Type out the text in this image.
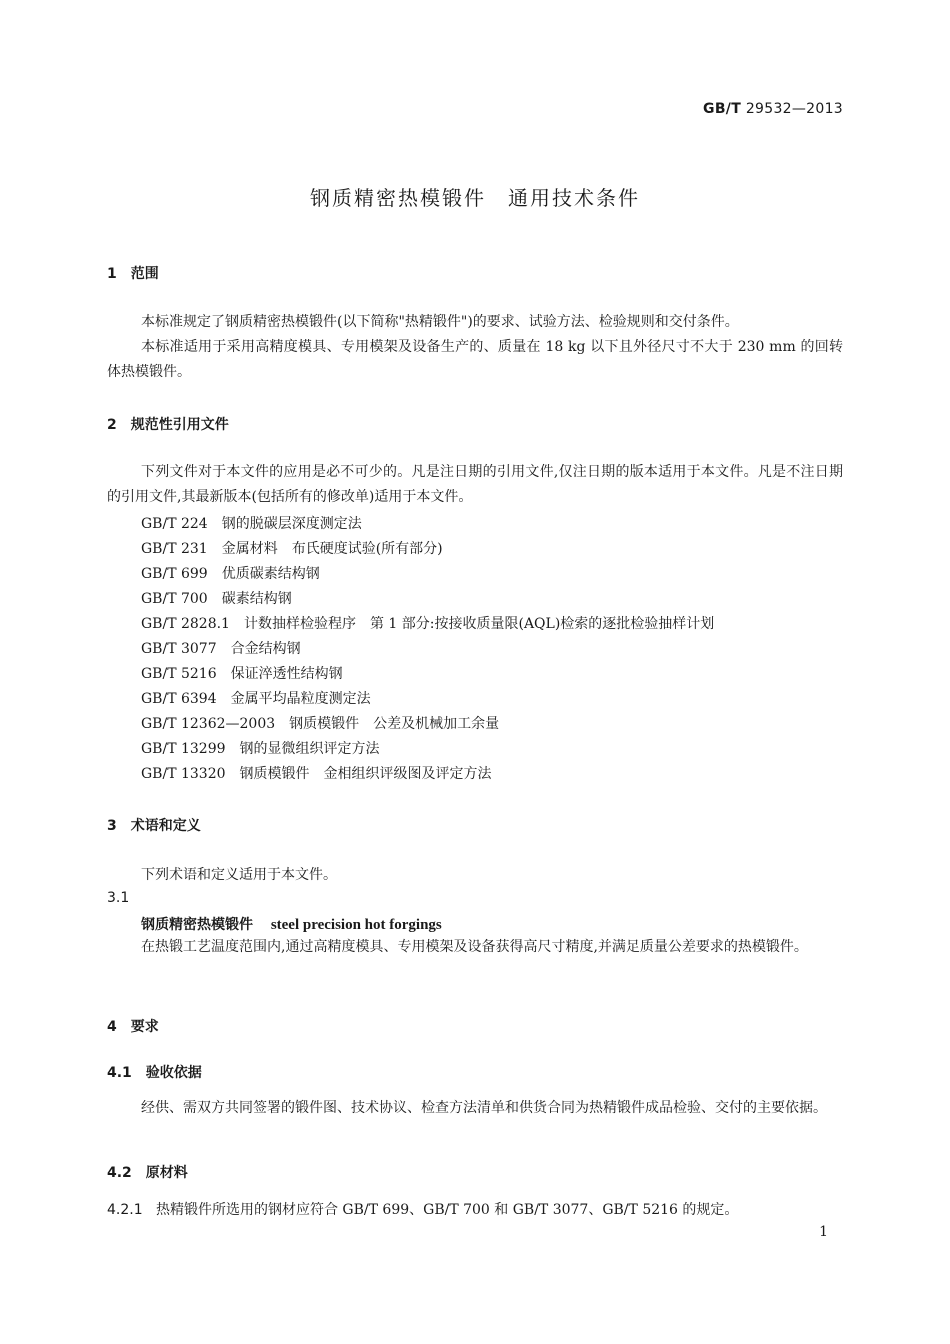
GB/T 29532—2013
钢质精密热模锻件　通用技术条件
1　范围
本标准规定了钢质精密热模锻件(以下简称"热精锻件")的要求、试验方法、检验规则和交付条件。
本标准适用于采用高精度模具、专用模架及设备生产的、质量在 18 kg 以下且外径尺寸不大于 230 mm 的回转体热模锻件。
2　规范性引用文件
下列文件对于本文件的应用是必不可少的。凡是注日期的引用文件,仅注日期的版本适用于本文件。凡是不注日期的引用文件,其最新版本(包括所有的修改单)适用于本文件。
GB/T 224　钢的脱碳层深度测定法
GB/T 231　金属材料　布氏硬度试验(所有部分)
GB/T 699　优质碳素结构钢
GB/T 700　碳素结构钢
GB/T 2828.1　计数抽样检验程序　第 1 部分:按接收质量限(AQL)检索的逐批检验抽样计划
GB/T 3077　合金结构钢
GB/T 5216　保证淬透性结构钢
GB/T 6394　金属平均晶粒度测定法
GB/T 12362—2003　钢质模锻件　公差及机械加工余量
GB/T 13299　钢的显微组织评定方法
GB/T 13320　钢质模锻件　金相组织评级图及评定方法
3　术语和定义
下列术语和定义适用于本文件。
3.1
钢质精密热模锻件 steel precision hot forgings
在热锻工艺温度范围内,通过高精度模具、专用模架及设备获得高尺寸精度,并满足质量公差要求的热模锻件。
4　要求
4.1　验收依据
经供、需双方共同签署的锻件图、技术协议、检查方法清单和供货合同为热精锻件成品检验、交付的主要依据。
4.2　原材料
4.2.1 热精锻件所选用的钢材应符合 GB/T 699、GB/T 700 和 GB/T 3077、GB/T 5216 的规定。
1
